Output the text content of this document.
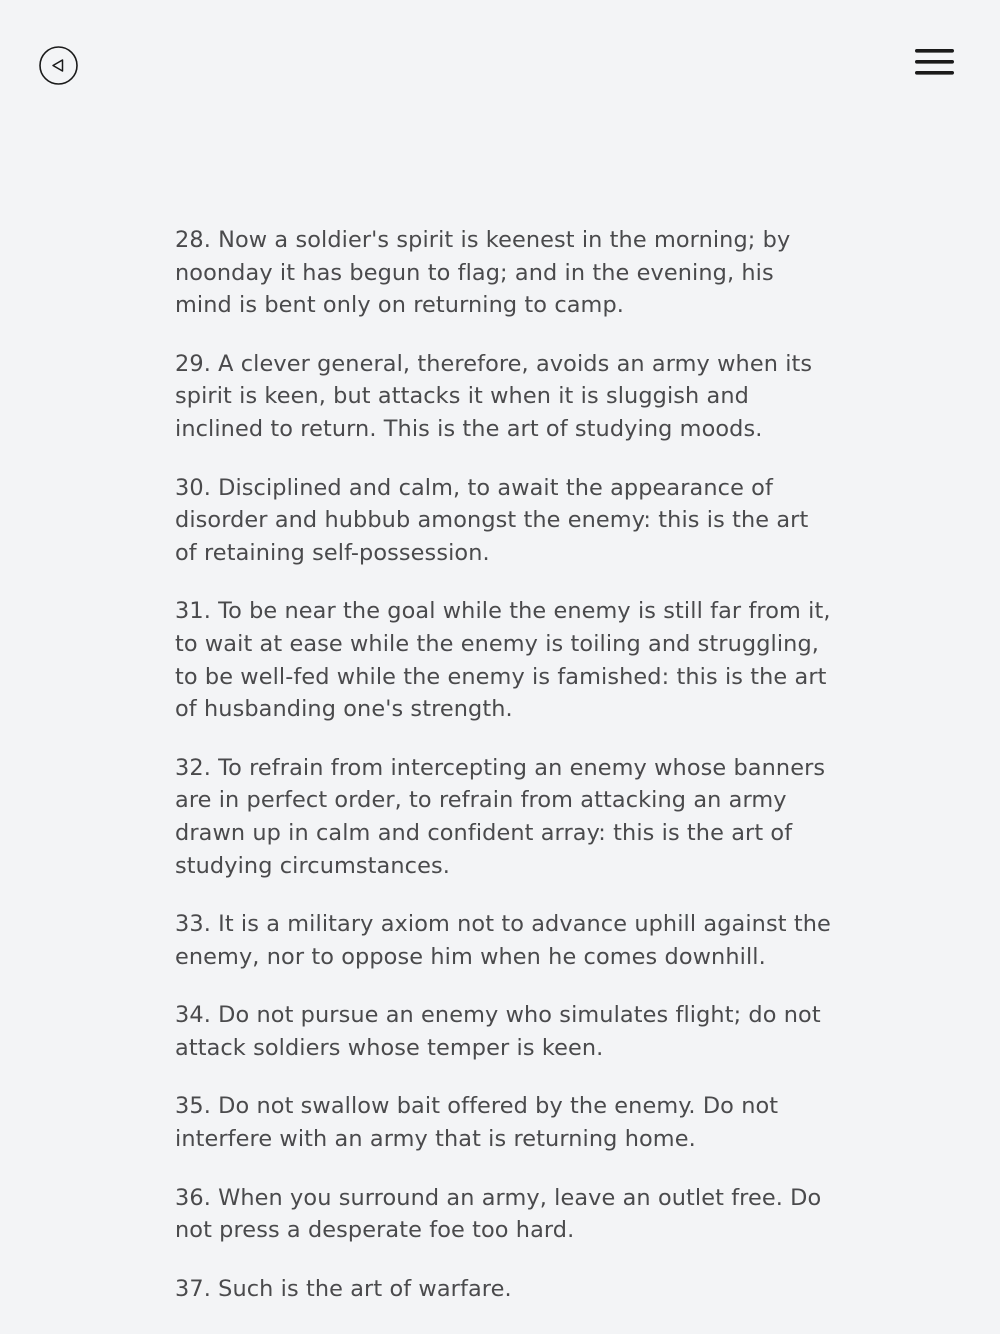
28. Now a soldier's spirit is keenest in the morning; by noonday it has begun to flag; and in the evening, his mind is bent only on returning to camp.

29. A clever general, therefore, avoids an army when its spirit is keen, but attacks it when it is sluggish and inclined to return. This is the art of studying moods.

30. Disciplined and calm, to await the appearance of disorder and hubbub amongst the enemy: this is the art of retaining self-possession.

31. To be near the goal while the enemy is still far from it, to wait at ease while the enemy is toiling and struggling, to be well-fed while the enemy is famished: this is the art of husbanding one's strength.

32. To refrain from intercepting an enemy whose banners are in perfect order, to refrain from attacking an army drawn up in calm and confident array: this is the art of studying circumstances.

33. It is a military axiom not to advance uphill against the enemy, nor to oppose him when he comes downhill.

34. Do not pursue an enemy who simulates flight; do not attack soldiers whose temper is keen.

35. Do not swallow bait offered by the enemy. Do not interfere with an army that is returning home.

36. When you surround an army, leave an outlet free. Do not press a desperate foe too hard.

37. Such is the art of warfare.
